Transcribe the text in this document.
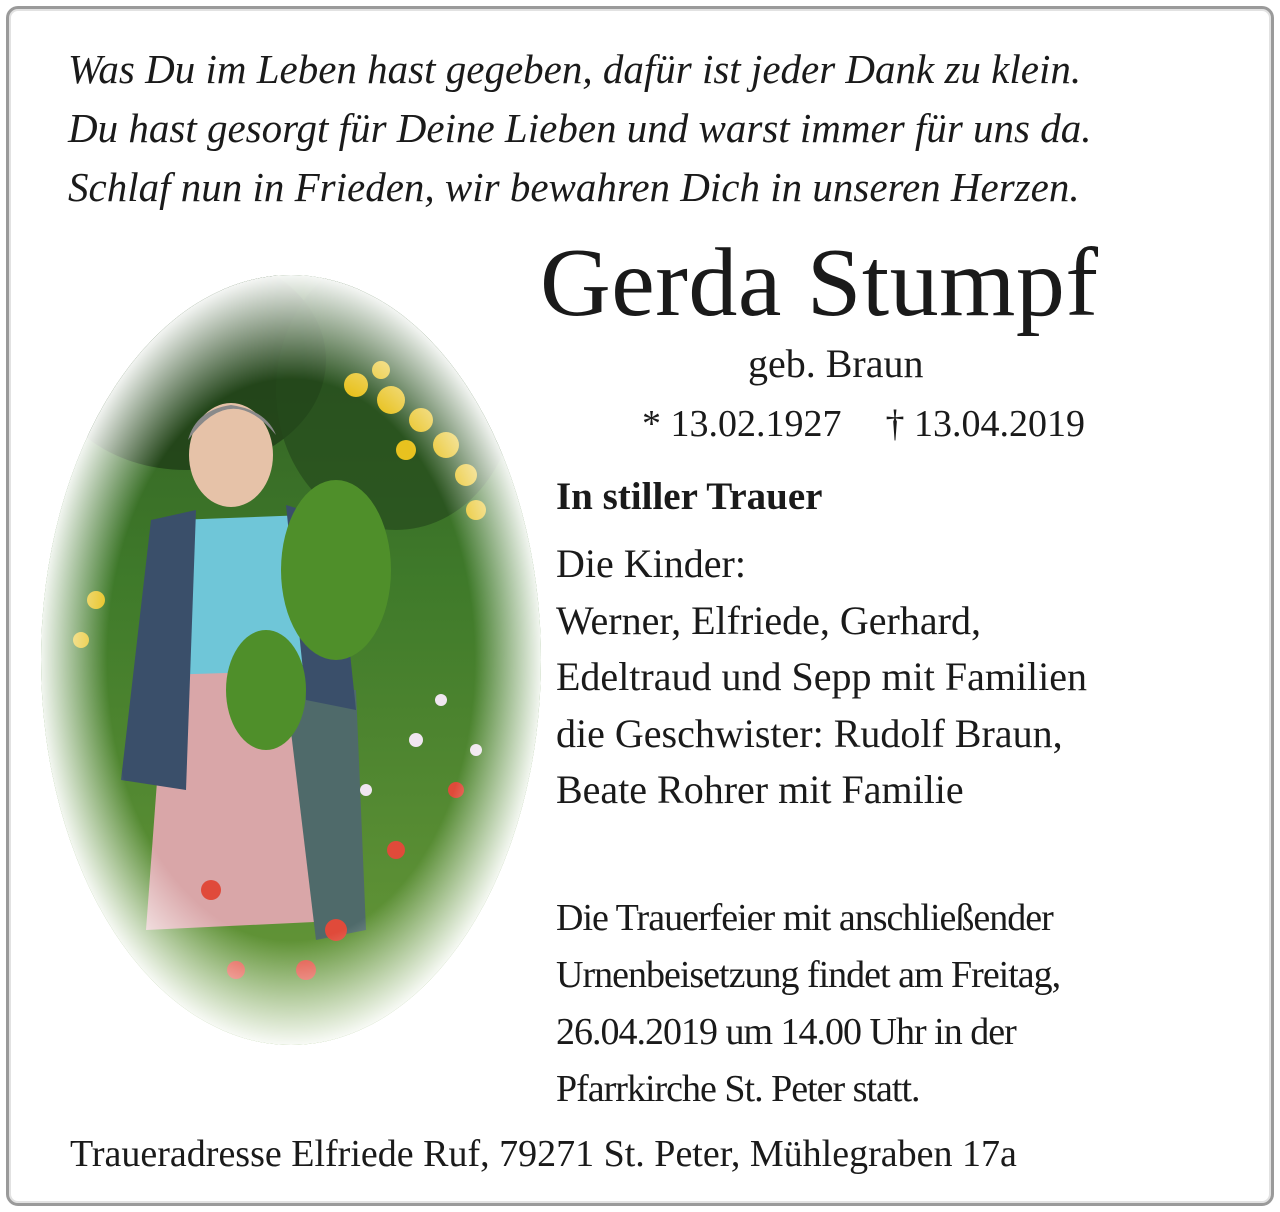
Was Du im Leben hast gegeben, dafür ist jeder Dank zu klein.
Du hast gesorgt für Deine Lieben und warst immer für uns da.
Schlaf nun in Frieden, wir bewahren Dich in unseren Herzen.
Gerda Stumpf
geb. Braun
* 13.02.1927 † 13.04.2019
In stiller Trauer
Die Kinder:
Werner, Elfriede, Gerhard,
Edeltraud und Sepp mit Familien
die Geschwister: Rudolf Braun,
Beate Rohrer mit Familie
Die Trauerfeier mit anschließender
Urnenbeisetzung findet am Freitag,
26.04.2019 um 14.00 Uhr in der
Pfarrkirche St. Peter statt.
Traueradresse Elfriede Ruf, 79271 St. Peter, Mühlegraben 17a
